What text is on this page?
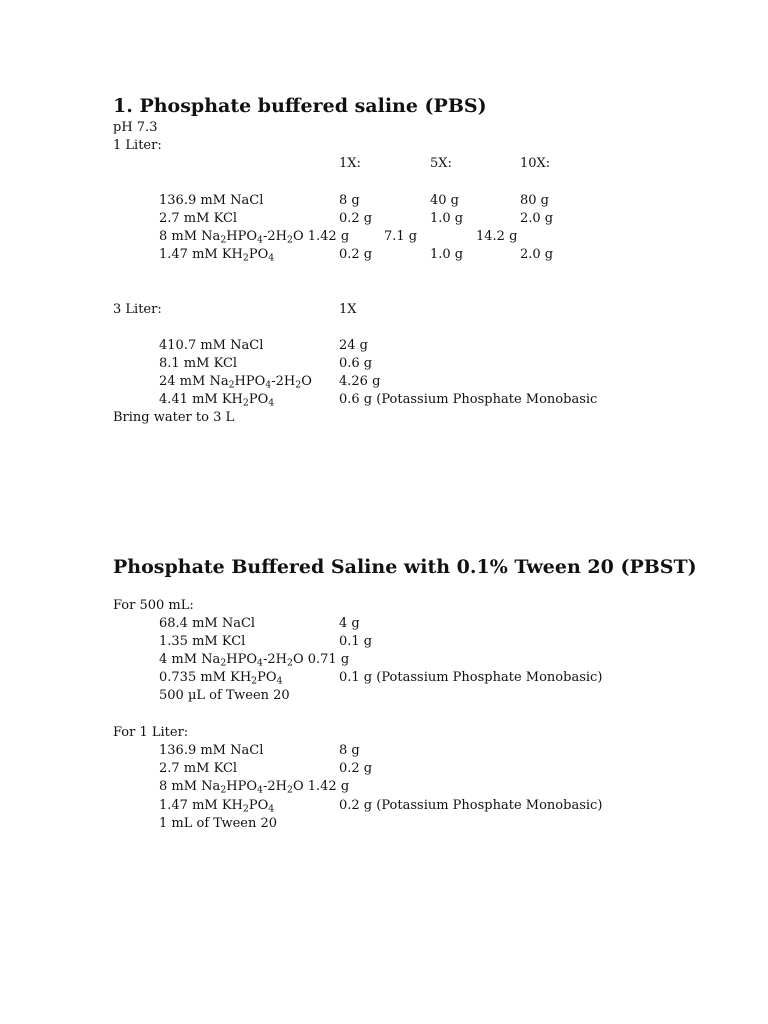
1. Phosphate buffered saline (PBS)
pH 7.3
1 Liter:
1X:	5X:	10X:
136.9 mM NaCl	8 g	40 g	80 g
2.7 mM KCl	0.2 g	1.0 g	2.0 g
8 mM $Na_2HPO_4-2H_2O$ 1.42 g	7.1 g	14.2 g
1.47 mM $KH_2PO_4$	0.2 g	1.0 g	2.0 g
3 Liter:	1X
410.7 mM NaCl	24 g
8.1 mM KCl	0.6 g
24 mM $Na_2HPO_4-2H_2O$ 4.26 g
4.41 mM $KH_2PO_4$	0.6 g (Potassium Phosphate Monobasic
Bring water to 3 L
Phosphate Buffered Saline with 0.1% Tween 20 (PBST)
For 500 mL:
68.4 mM NaCl	4 g
1.35 mM KCl	0.1 g
4 mM $Na_2HPO_4-2H_2O$ 0.71 g
0.735 mM $KH_2PO_4$	0.1 g (Potassium Phosphate Monobasic)
500 µL of Tween 20
For 1 Liter:
136.9 mM NaCl	8 g
2.7 mM KCl	0.2 g
8 mM $Na_2HPO_4-2H_2O$ 1.42 g
1.47 mM $KH_2PO_4$	0.2 g (Potassium Phosphate Monobasic)
1 mL of Tween 20
